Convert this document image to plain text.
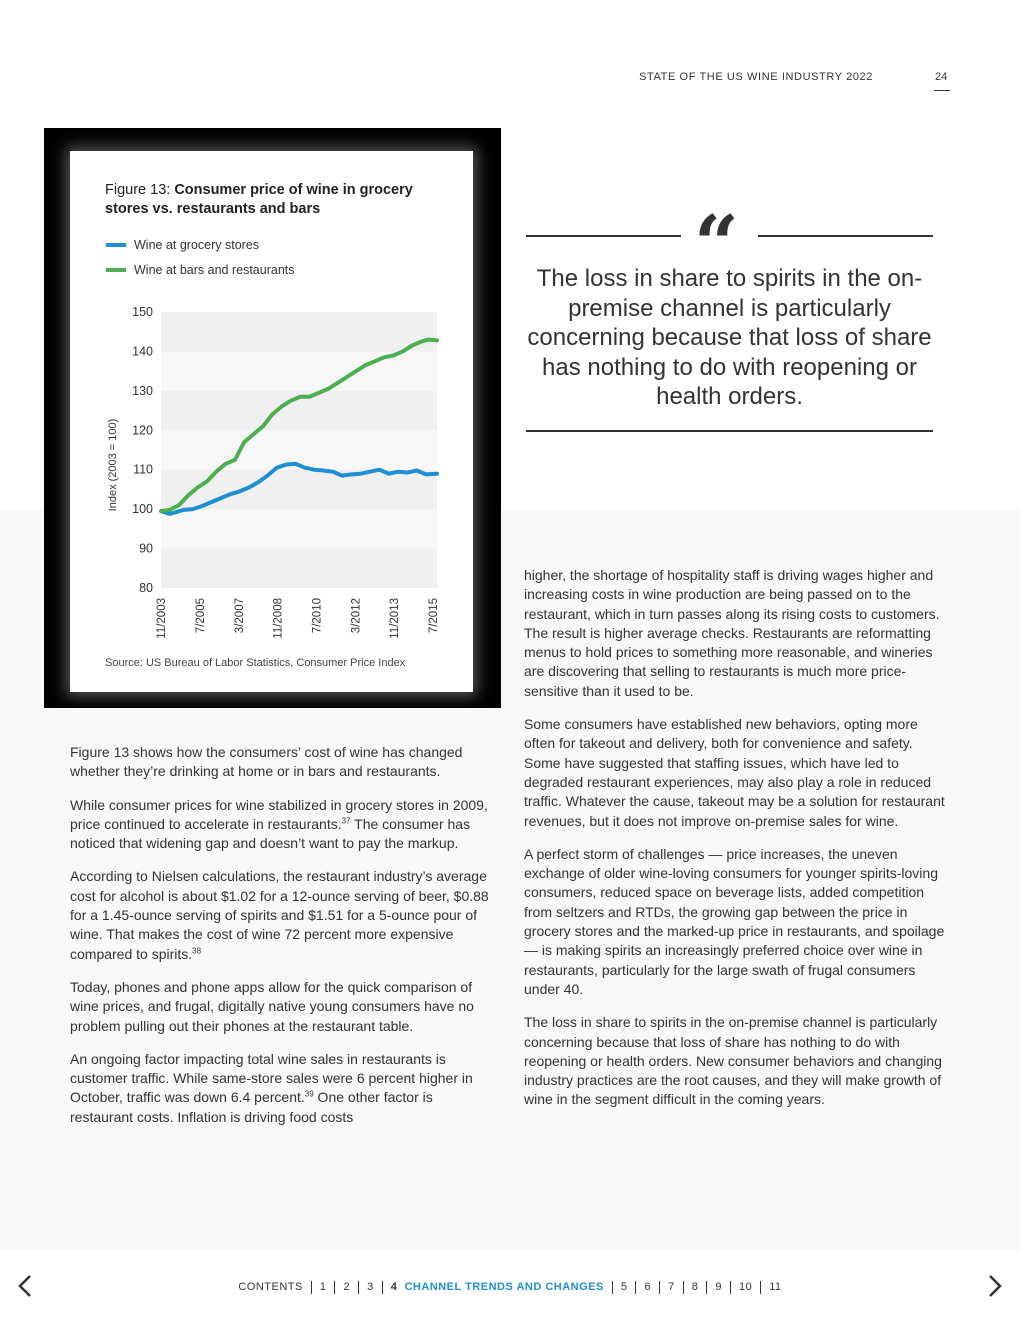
STATE OF THE US WINE INDUSTRY 2022	24
Figure 13: Consumer price of wine in grocery stores vs. restaurants and bars
Wine at grocery stores
Wine at bars and restaurants
150
140
130
120
110
100
90
80
Index (2003 = 100)
11/2003 7/2005 3/2007 11/2008 7/2010 3/2012 11/2013 7/2015
Source: US Bureau of Labor Statistics, Consumer Price Index
“
The loss in share to spirits in the on-premise channel is particularly concerning because that loss of share has nothing to do with reopening or health orders.

Figure 13 shows how the consumers’ cost of wine has changed whether they’re drinking at home or in bars and restaurants.

While consumer prices for wine stabilized in grocery stores in 2009, price continued to accelerate in restaurants.$^{37}$ The consumer has noticed that widening gap and doesn’t want to pay the markup.

According to Nielsen calculations, the restaurant industry’s average cost for alcohol is about $1.02 for a 12-ounce serving of beer, $0.88 for a 1.45-ounce serving of spirits and $1.51 for a 5-ounce pour of wine. That makes the cost of wine 72 percent more expensive compared to spirits.$^{38}$

Today, phones and phone apps allow for the quick comparison of wine prices, and frugal, digitally native young consumers have no problem pulling out their phones at the restaurant table.

An ongoing factor impacting total wine sales in restaurants is customer traffic. While same-store sales were 6 percent higher in October, traffic was down 6.4 percent.$^{39}$ One other factor is restaurant costs. Inflation is driving food costs

higher, the shortage of hospitality staff is driving wages higher and increasing costs in wine production are being passed on to the restaurant, which in turn passes along its rising costs to customers. The result is higher average checks. Restaurants are reformatting menus to hold prices to something more reasonable, and wineries are discovering that selling to restaurants is much more price-sensitive than it used to be.

Some consumers have established new behaviors, opting more often for takeout and delivery, both for convenience and safety. Some have suggested that staffing issues, which have led to degraded restaurant experiences, may also play a role in reduced traffic. Whatever the cause, takeout may be a solution for restaurant revenues, but it does not improve on-premise sales for wine.

A perfect storm of challenges — price increases, the uneven exchange of older wine-loving consumers for younger spirits-loving consumers, reduced space on beverage lists, added competition from seltzers and RTDs, the growing gap between the price in grocery stores and the marked-up price in restaurants, and spoilage — is making spirits an increasingly preferred choice over wine in restaurants, particularly for the large swath of frugal consumers under 40.

The loss in share to spirits in the on-premise channel is particularly concerning because that loss of share has nothing to do with reopening or health orders. New consumer behaviors and changing industry practices are the root causes, and they will make growth of wine in the segment difficult in the coming years.

CONTENTS	1	2	3	4 CHANNEL TRENDS AND CHANGES	5	6	7	8	9	10	11
